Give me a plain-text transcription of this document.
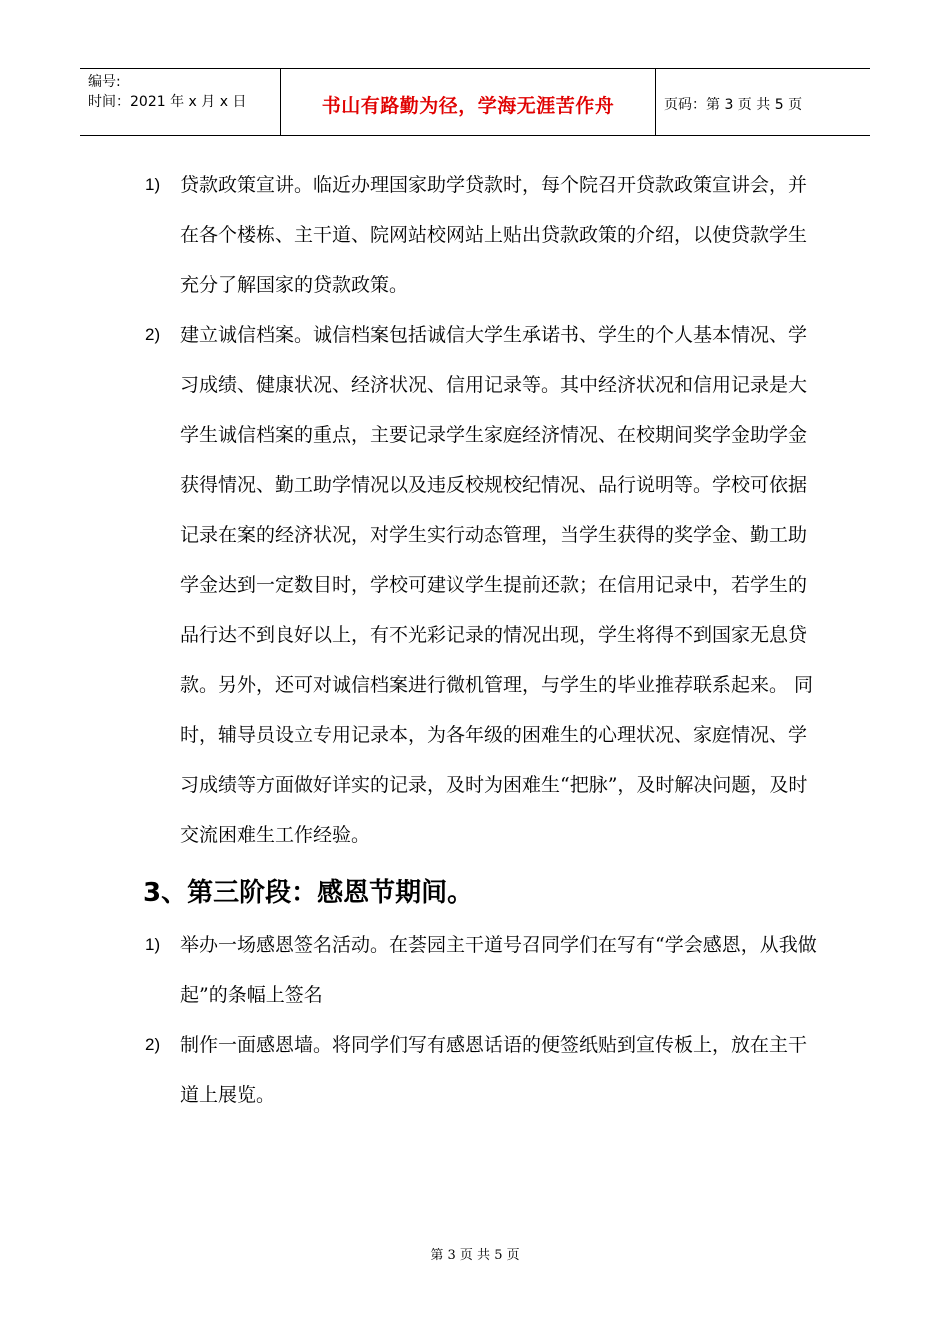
编号:
时间：2021 年 x 月 x 日	书山有路勤为径，学海无涯苦作舟	页码：第 3 页 共 5 页
1) 贷款政策宣讲。临近办理国家助学贷款时，每个院召开贷款政策宣讲会，并在各个楼栋、主干道、院网站校网站上贴出贷款政策的介绍，以使贷款学生充分了解国家的贷款政策。
2) 建立诚信档案。诚信档案包括诚信大学生承诺书、学生的个人基本情况、学习成绩、健康状况、经济状况、信用记录等。其中经济状况和信用记录是大学生诚信档案的重点，主要记录学生家庭经济情况、在校期间奖学金助学金获得情况、勤工助学情况以及违反校规校纪情况、品行说明等。学校可依据记录在案的经济状况，对学生实行动态管理，当学生获得的奖学金、勤工助学金达到一定数目时，学校可建议学生提前还款；在信用记录中，若学生的品行达不到良好以上，有不光彩记录的情况出现，学生将得不到国家无息贷款。另外，还可对诚信档案进行微机管理，与学生的毕业推荐联系起来。 同时，辅导员设立专用记录本，为各年级的困难生的心理状况、家庭情况、学习成绩等方面做好详实的记录，及时为困难生“把脉”，及时解决问题，及时交流困难生工作经验。
3、第三阶段：感恩节期间。
1) 举办一场感恩签名活动。在荟园主干道号召同学们在写有“学会感恩，从我做起”的条幅上签名
2) 制作一面感恩墙。将同学们写有感恩话语的便签纸贴到宣传板上，放在主干道上展览。
第 3 页 共 5 页
